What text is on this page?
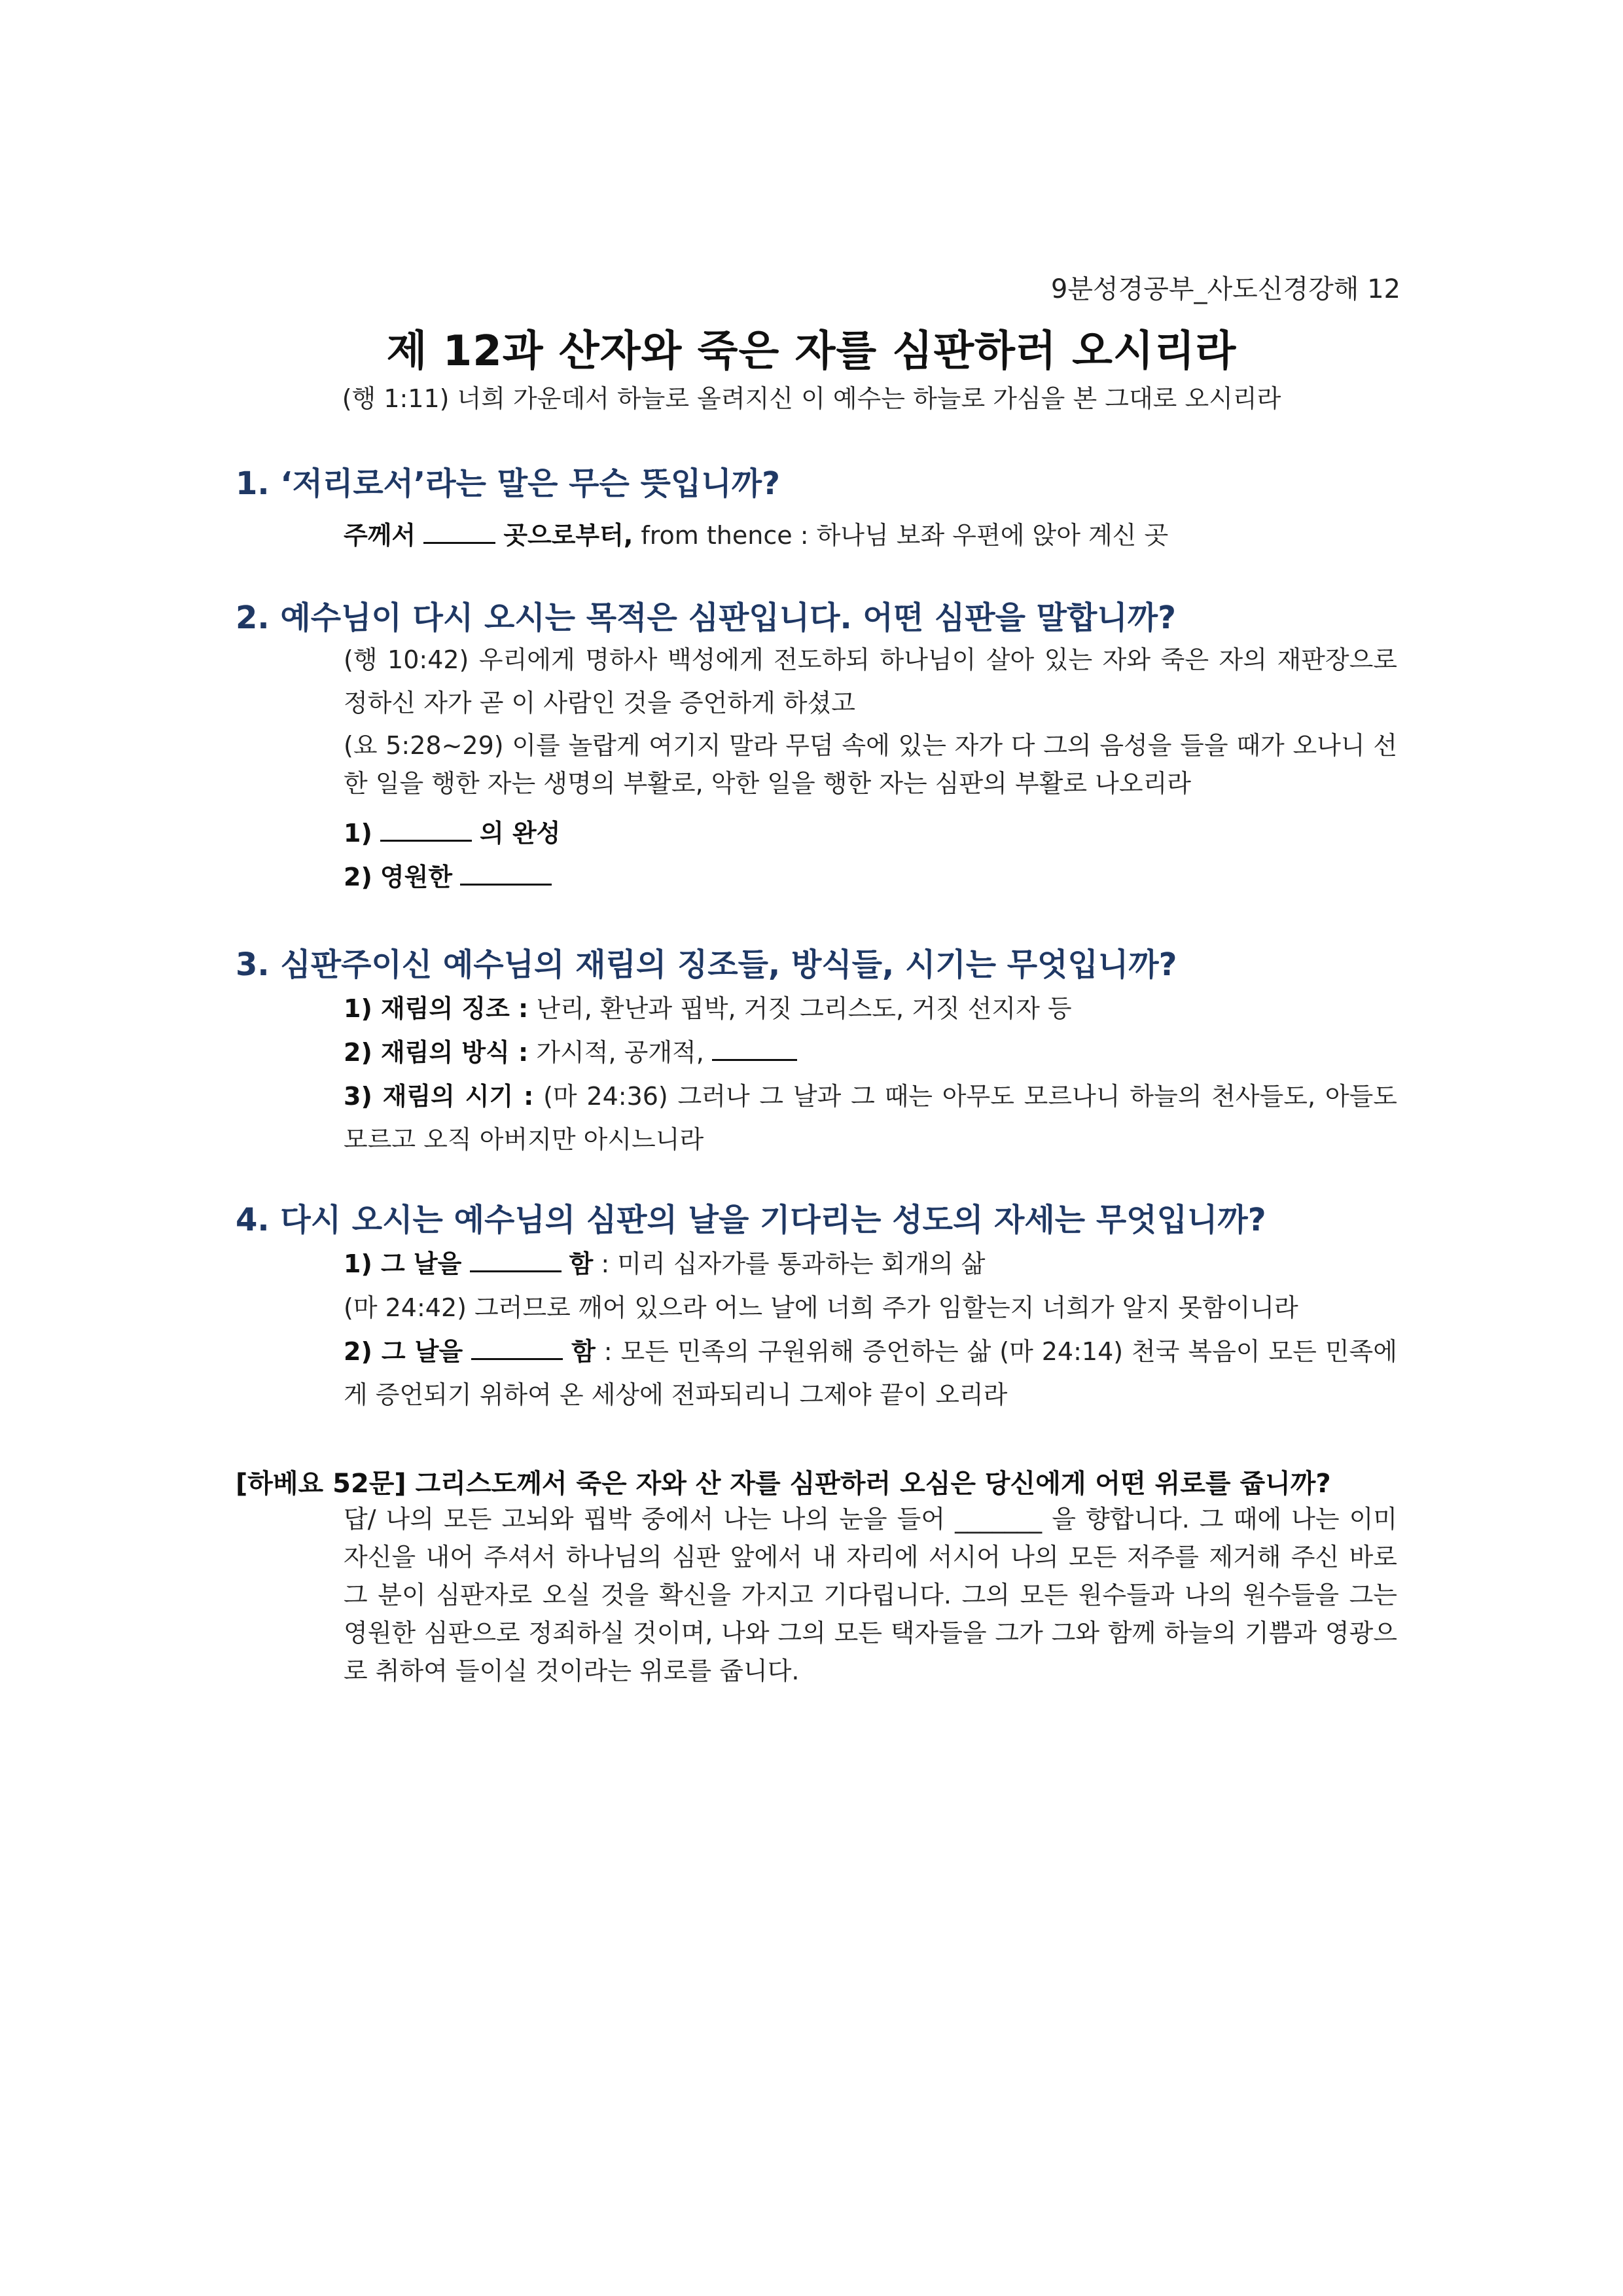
9분성경공부_사도신경강해 12
제 12과 산자와 죽은 자를 심판하러 오시리라
(행 1:11) 너희 가운데서 하늘로 올려지신 이 예수는 하늘로 가심을 본 그대로 오시리라
1. ‘저리로서’라는 말은 무슨 뜻입니까?
주께서	곳으로부터, from thence : 하나님 보좌 우편에 앉아 계신 곳
2. 예수님이 다시 오시는 목적은 심판입니다. 어떤 심판을 말합니까?
(행 10:42) 우리에게 명하사 백성에게 전도하되 하나님이 살아 있는 자와 죽은 자의 재판장으로 정하신 자가 곧 이 사람인 것을 증언하게 하셨고
(요 5:28~29) 이를 놀랍게 여기지 말라 무덤 속에 있는 자가 다 그의 음성을 들을 때가 오나니 선한 일을 행한 자는 생명의 부활로, 악한 일을 행한 자는 심판의 부활로 나오리라
1)	의 완성
2) 영원한
3. 심판주이신 예수님의 재림의 징조들, 방식들, 시기는 무엇입니까?
1) 재림의 징조 : 난리, 환난과 핍박, 거짓 그리스도, 거짓 선지자 등
2) 재림의 방식 : 가시적, 공개적,
3) 재림의 시기 : (마 24:36) 그러나 그 날과 그 때는 아무도 모르나니 하늘의 천사들도, 아들도 모르고 오직 아버지만 아시느니라
4. 다시 오시는 예수님의 심판의 날을 기다리는 성도의 자세는 무엇입니까?
1) 그 날을	함 : 미리 십자가를 통과하는 회개의 삶
(마 24:42) 그러므로 깨어 있으라 어느 날에 너희 주가 임할는지 너희가 알지 못함이니라
2) 그 날을	함 : 모든 민족의 구원위해 증언하는 삶 (마 24:14) 천국 복음이 모든 민족에게 증언되기 위하여 온 세상에 전파되리니 그제야 끝이 오리라
[하베요 52문] 그리스도께서 죽은 자와 산 자를 심판하러 오심은 당신에게 어떤 위로를 줍니까?
답/ 나의 모든 고뇌와 핍박 중에서 나는 나의 눈을 들어 _______ 을 향합니다. 그 때에 나는 이미 자신을 내어 주셔서 하나님의 심판 앞에서 내 자리에 서시어 나의 모든 저주를 제거해 주신 바로 그 분이 심판자로 오실 것을 확신을 가지고 기다립니다. 그의 모든 원수들과 나의 원수들을 그는 영원한 심판으로 정죄하실 것이며, 나와 그의 모든 택자들을 그가 그와 함께 하늘의 기쁨과 영광으로 취하여 들이실 것이라는 위로를 줍니다.
